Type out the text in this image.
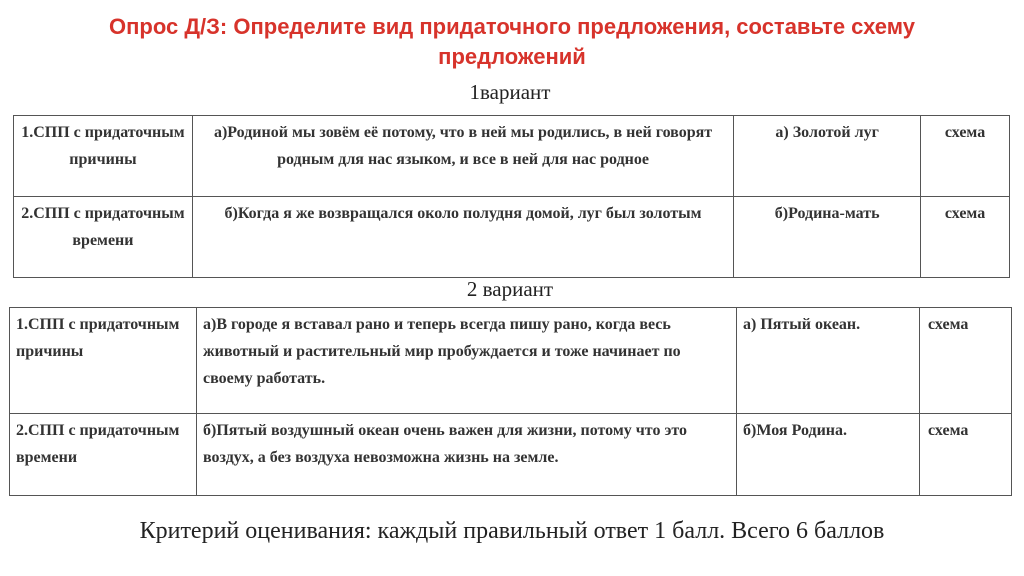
Опрос Д/З: Определите вид придаточного предложения, составьте схему предложений
1вариант
1.СПП с придаточным причины	а)Родиной мы зовём её потому, что в ней мы родились, в ней говорят родным для нас языком, и все в ней для нас родное	а) Золотой луг	схема
2.СПП с придаточным времени	б)Когда я же возвращался около полудня домой, луг был золотым	б)Родина-мать	схема
2 вариант
1.СПП с придаточным причины	а)В городе я вставал рано и теперь всегда пишу рано, когда весь животный и растительный мир пробуждается и тоже начинает по своему работать.	а) Пятый океан.	схема
2.СПП с придаточным времени	б)Пятый воздушный океан очень важен для жизни, потому что это воздух, а без воздуха невозможна жизнь на земле.	б)Моя Родина.	схема
Критерий оценивания: каждый правильный ответ 1 балл. Всего 6 баллов
